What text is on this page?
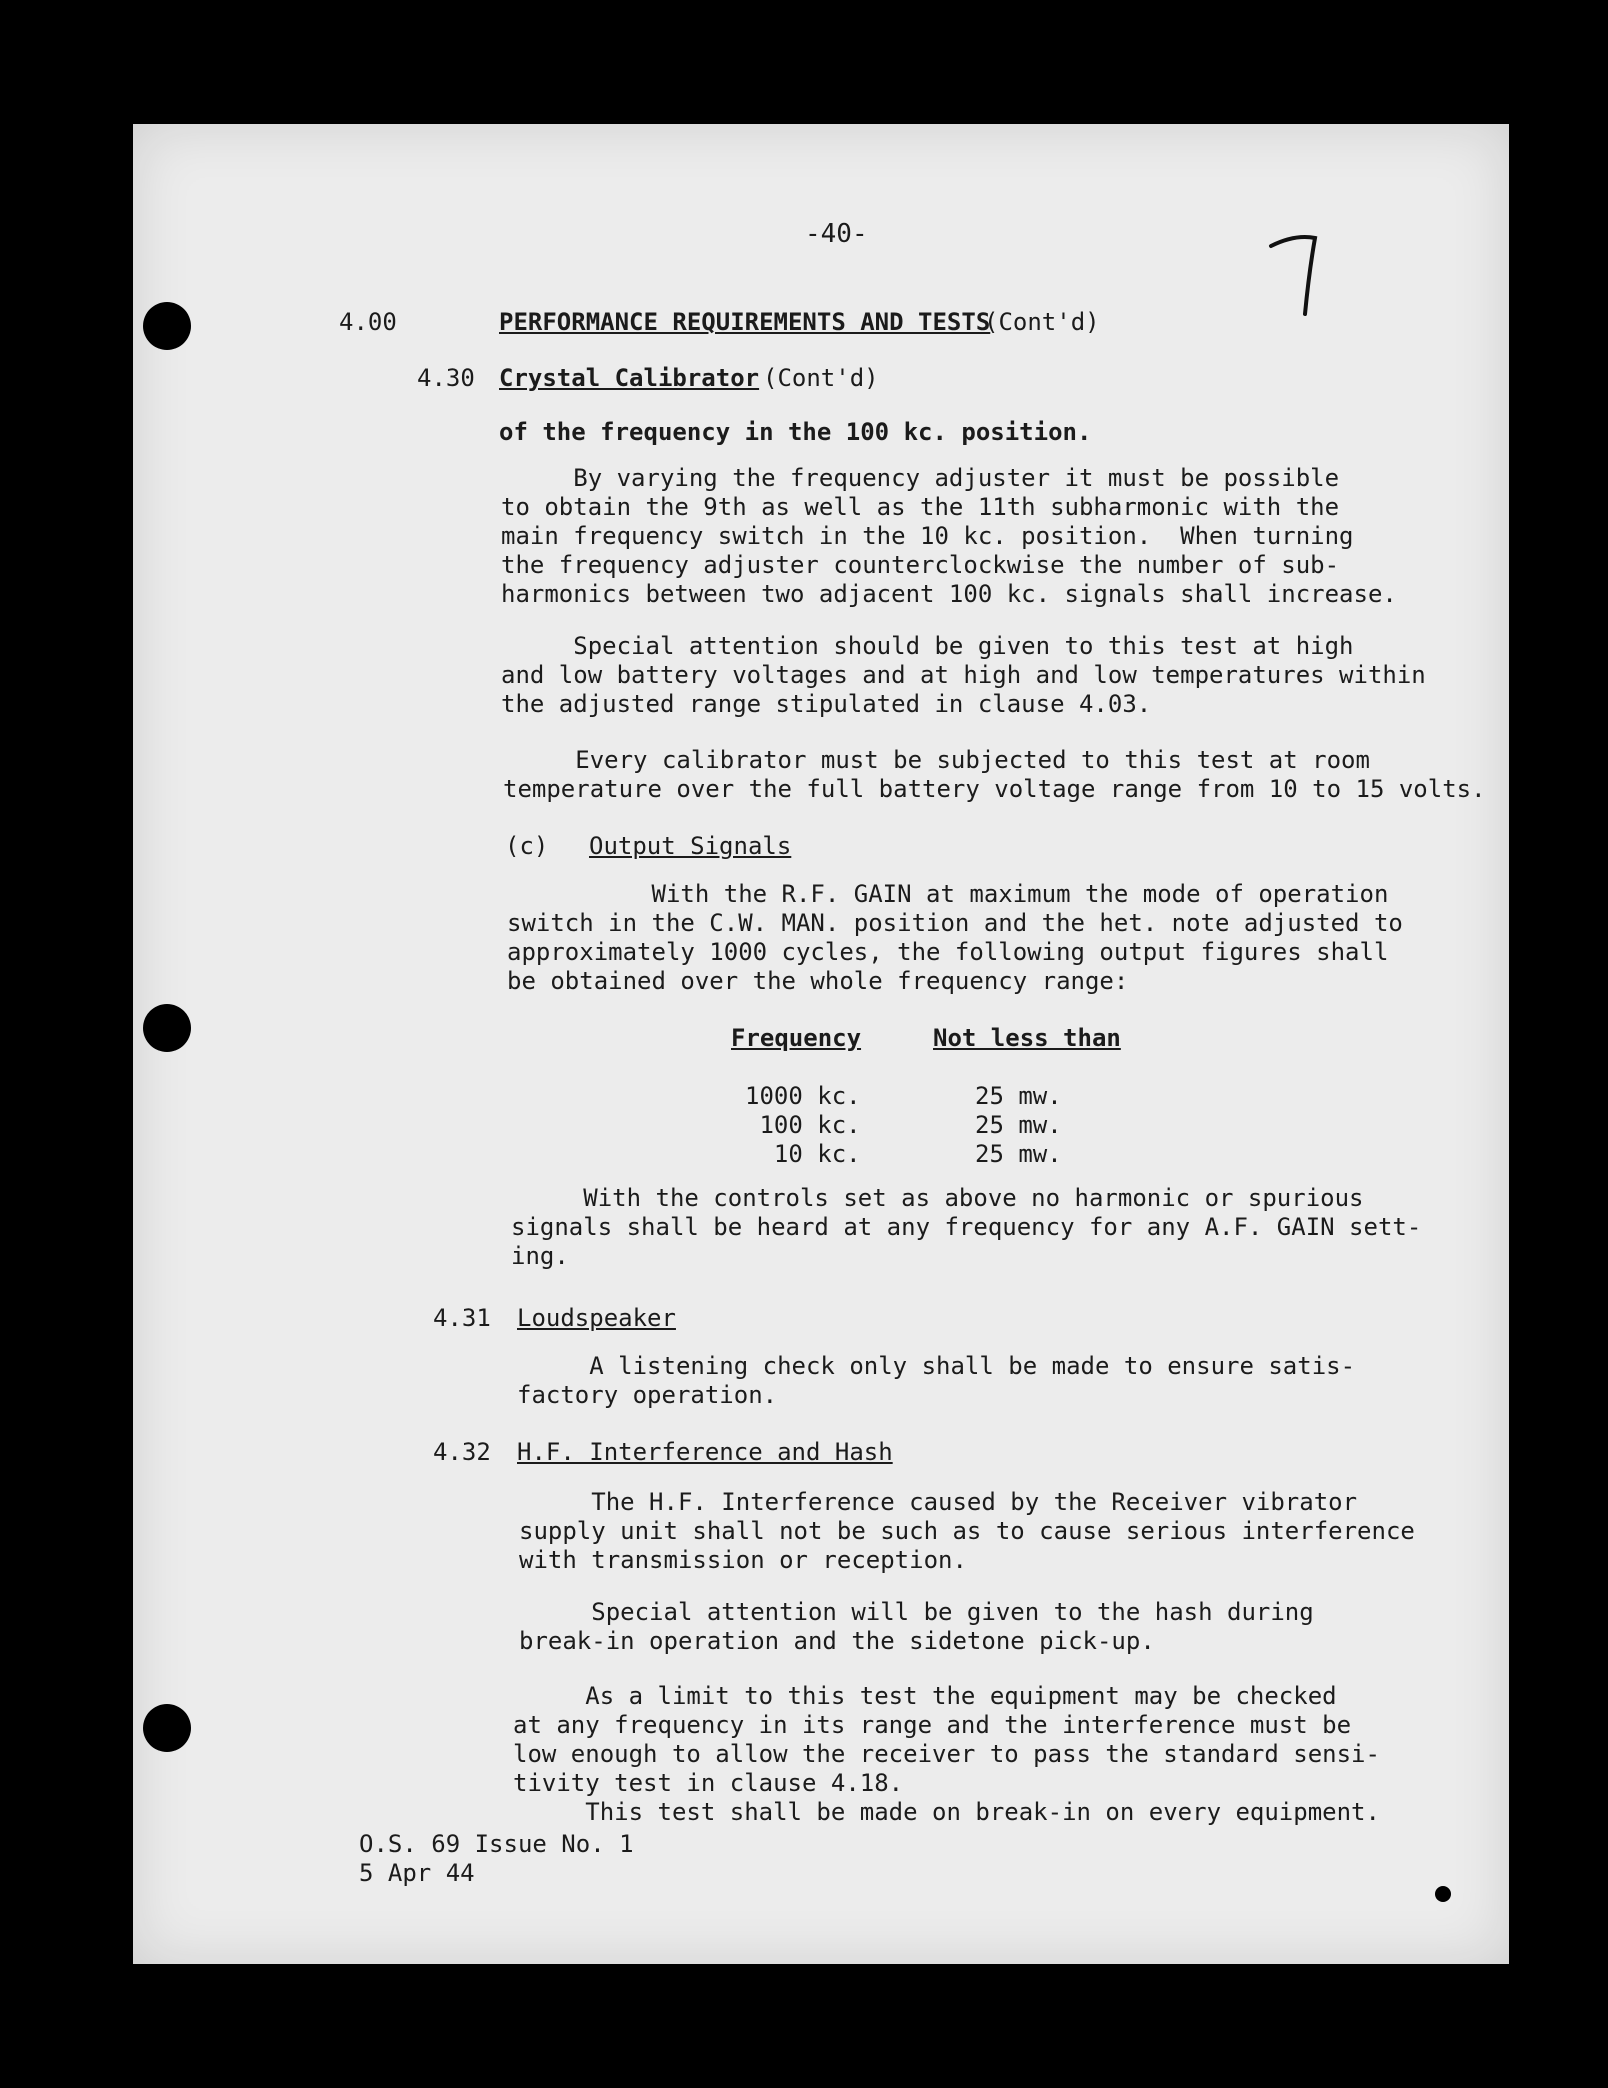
-40-
4.00	PERFORMANCE REQUIREMENTS AND TESTS
(Cont'd)
4.30 Crystal Calibrator (Cont'd)
of the frequency in the 100 kc. position.
By varying the frequency adjuster it must be possible
to obtain the 9th as well as the 11th subharmonic with the
main frequency switch in the 10 kc. position.  When turning
the frequency adjuster counterclockwise the number of sub-
harmonics between two adjacent 100 kc. signals shall increase.
Special attention should be given to this test at high
and low battery voltages and at high and low temperatures within
the adjusted range stipulated in clause 4.03.
Every calibrator must be subjected to this test at room
temperature over the full battery voltage range from 10 to 15 volts.
(c) Output Signals
With the R.F. GAIN at maximum the mode of operation
switch in the C.W. MAN. position and the het. note adjusted to
approximately 1000 cycles, the following output figures shall
be obtained over the whole frequency range:
Frequency	Not less than
1000 kc.	25 mw.
100 kc.	25 mw.
10 kc.	25 mw.
With the controls set as above no harmonic or spurious
signals shall be heard at any frequency for any A.F. GAIN sett-
ing.
4.31 Loudspeaker
A listening check only shall be made to ensure satis-
factory operation.
4.32 H.F. Interference and Hash
The H.F. Interference caused by the Receiver vibrator
supply unit shall not be such as to cause serious interference
with transmission or reception.
Special attention will be given to the hash during
break-in operation and the sidetone pick-up.
As a limit to this test the equipment may be checked
at any frequency in its range and the interference must be
low enough to allow the receiver to pass the standard sensi-
tivity test in clause 4.18.
This test shall be made on break-in on every equipment.
O.S. 69 Issue No. 1
5 Apr 44
